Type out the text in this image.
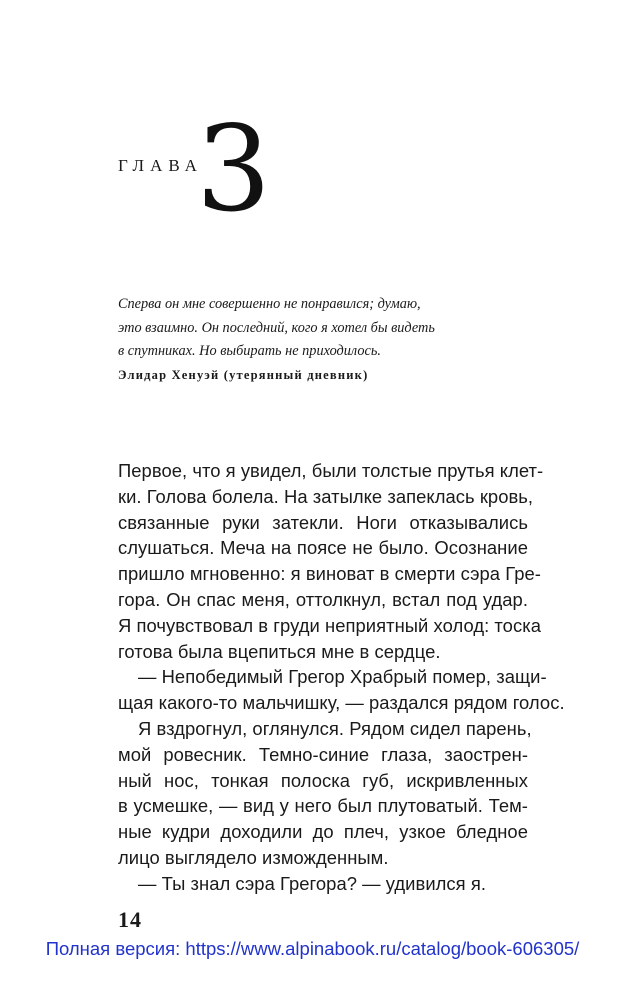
ГЛАВА
3
Сперва он мне совершенно не понравился; думаю,
это взаимно. Он последний, кого я хотел бы видеть
в спутниках. Но выбирать не приходилось.
Элидар Хенуэй (утерянный дневник)
Первое, что я увидел, были толстые прутья клет-
ки. Голова болела. На затылке запеклась кровь,
связанные руки затекли. Ноги отказывались
слушаться. Меча на поясе не было. Осознание
пришло мгновенно: я виноват в смерти сэра Гре-
гора. Он спас меня, оттолкнул, встал под удар.
Я почувствовал в груди неприятный холод: тоска
готова была вцепиться мне в сердце.
— Непобедимый Грегор Храбрый помер, защи-
щая какого-то мальчишку, — раздался рядом голос.
Я вздрогнул, оглянулся. Рядом сидел парень,
мой ровесник. Темно-синие глаза, заострен-
ный нос, тонкая полоска губ, искривленных
в усмешке, — вид у него был плутоватый. Тем-
ные кудри доходили до плеч, узкое бледное
лицо выглядело изможденным.
— Ты знал сэра Грегора? — удивился я.
14
Полная версия: https://www.alpinabook.ru/catalog/book-606305/
